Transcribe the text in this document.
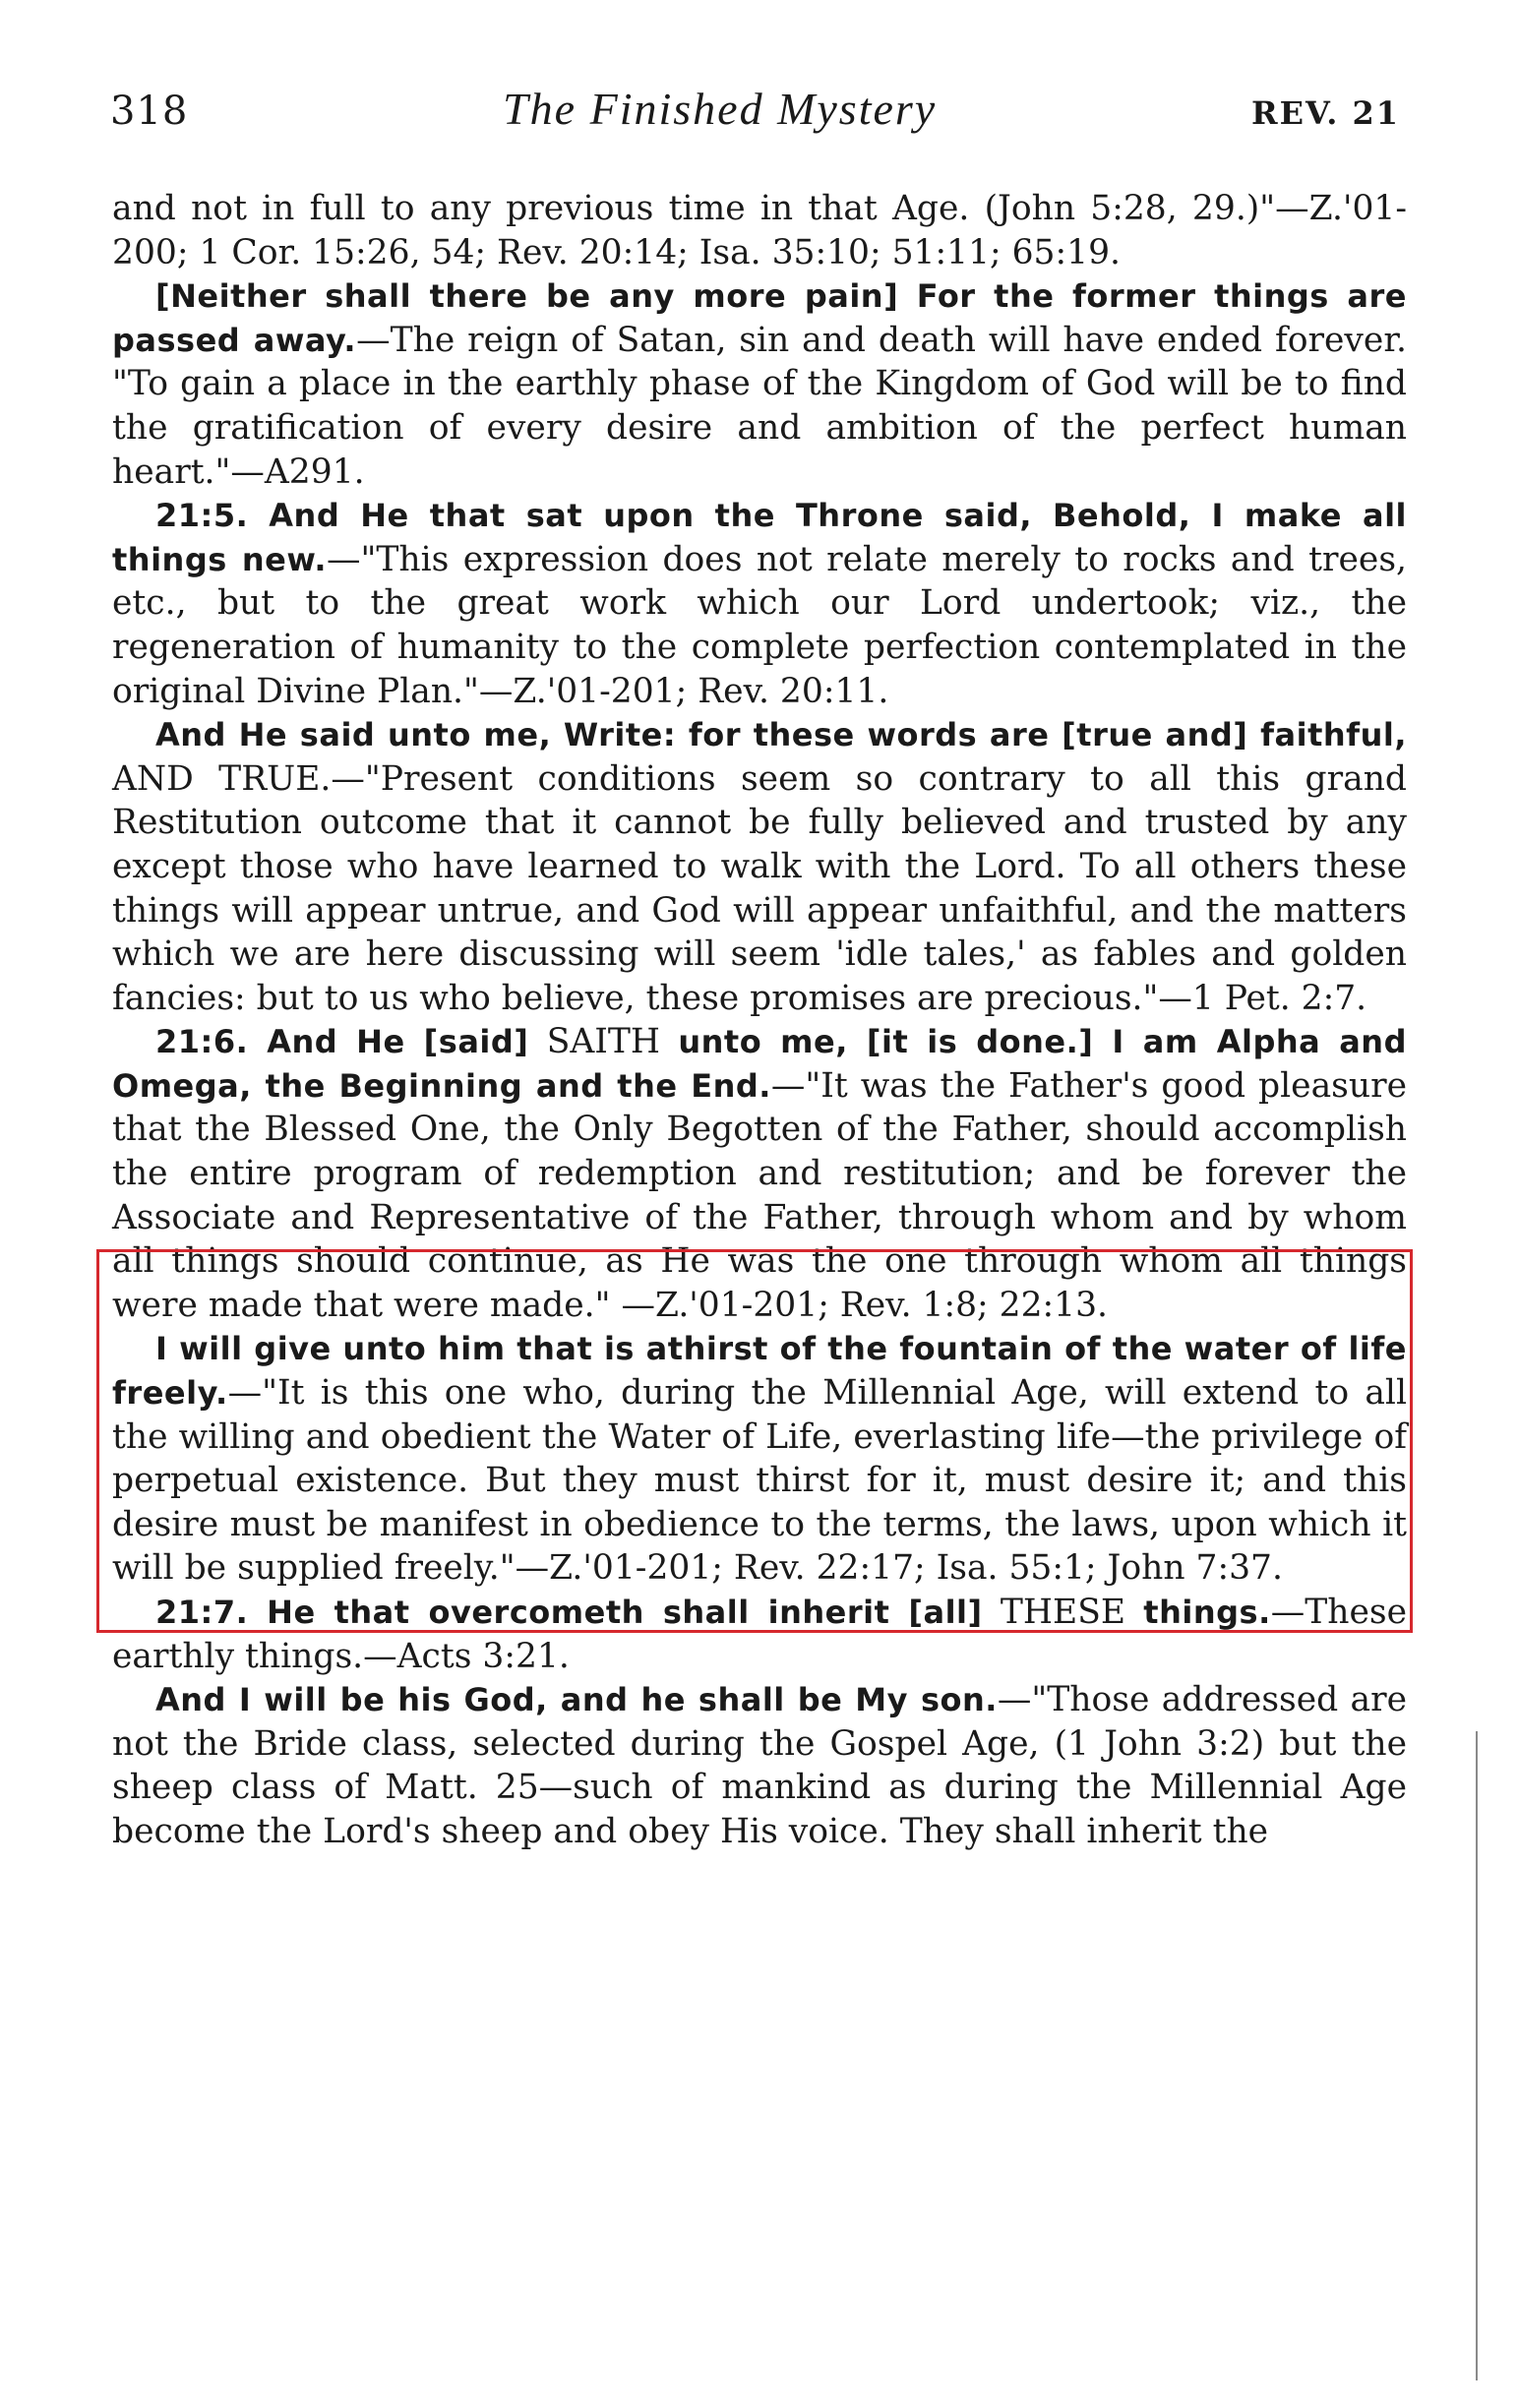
318	The Finished Mystery	REV. 21

and not in full to any previous time in that Age. (John 5:28, 29.)"—Z.'01-200; 1 Cor. 15:26, 54; Rev. 20:14; Isa. 35:10; 51:11; 65:19.

[Neither shall there be any more pain] For the former things are passed away.—The reign of Satan, sin and death will have ended forever. "To gain a place in the earthly phase of the Kingdom of God will be to find the gratification of every desire and ambition of the perfect human heart."—A291.

21:5. And He that sat upon the Throne said, Behold, I make all things new.—"This expression does not relate merely to rocks and trees, etc., but to the great work which our Lord undertook; viz., the regeneration of humanity to the complete perfection contemplated in the original Divine Plan."—Z.'01-201; Rev. 20:11.

And He said unto me, Write: for these words are [true and] faithful, AND TRUE.—"Present conditions seem so contrary to all this grand Restitution outcome that it cannot be fully believed and trusted by any except those who have learned to walk with the Lord. To all others these things will appear untrue, and God will appear unfaithful, and the matters which we are here discussing will seem 'idle tales,' as fables and golden fancies: but to us who believe, these promises are precious."—1 Pet. 2:7.

21:6. And He [said] SAITH unto me, [it is done.] I am Alpha and Omega, the Beginning and the End.—"It was the Father's good pleasure that the Blessed One, the Only Begotten of the Father, should accomplish the entire program of redemption and restitution; and be forever the Associate and Representative of the Father, through whom and by whom all things should continue, as He was the one through whom all things were made that were made." —Z.'01-201; Rev. 1:8; 22:13.

I will give unto him that is athirst of the fountain of the water of life freely.—"It is this one who, during the Millennial Age, will extend to all the willing and obedient the Water of Life, everlasting life—the privilege of perpetual existence. But they must thirst for it, must desire it; and this desire must be manifest in obedience to the terms, the laws, upon which it will be supplied freely."—Z.'01-201; Rev. 22:17; Isa. 55:1; John 7:37.

21:7. He that overcometh shall inherit [all] THESE things.—These earthly things.—Acts 3:21.

And I will be his God, and he shall be My son.—"Those addressed are not the Bride class, selected during the Gospel Age, (1 John 3:2) but the sheep class of Matt. 25—such of mankind as during the Millennial Age become the Lord's sheep and obey His voice. They shall inherit the
